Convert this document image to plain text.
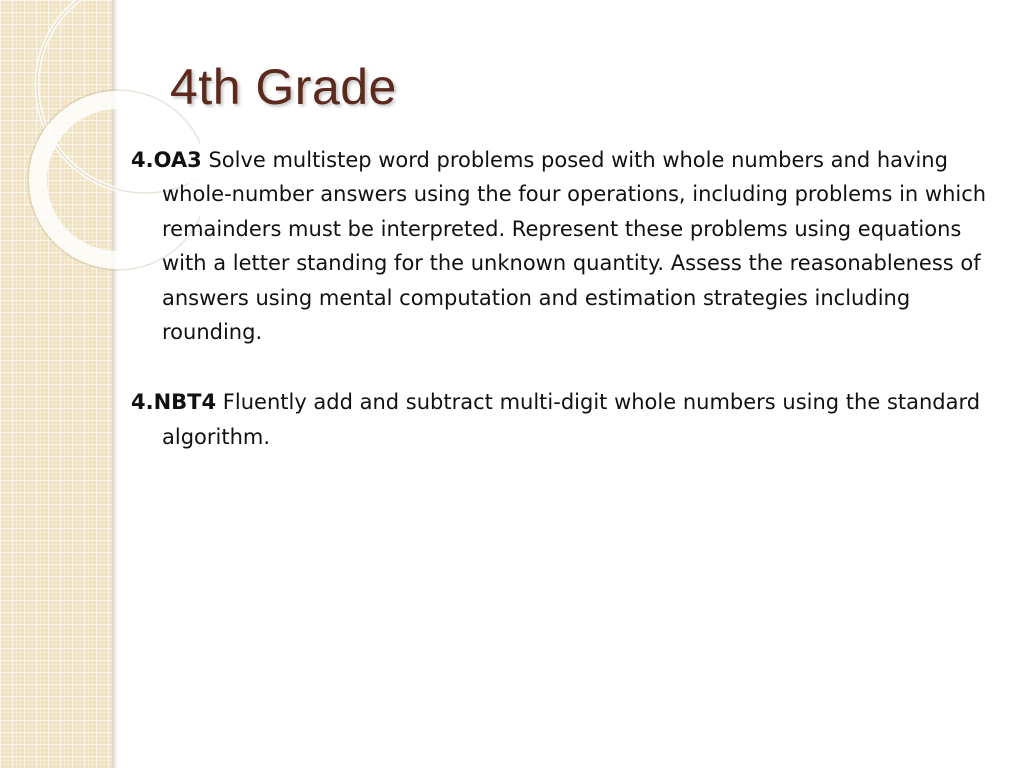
4th Grade

4.OA3 Solve multistep word problems posed with whole numbers and having whole-number answers using the four operations, including problems in which remainders must be interpreted. Represent these problems using equations with a letter standing for the unknown quantity. Assess the reasonableness of answers using mental computation and estimation strategies including rounding.

4.NBT4 Fluently add and subtract multi-digit whole numbers using the standard algorithm.
